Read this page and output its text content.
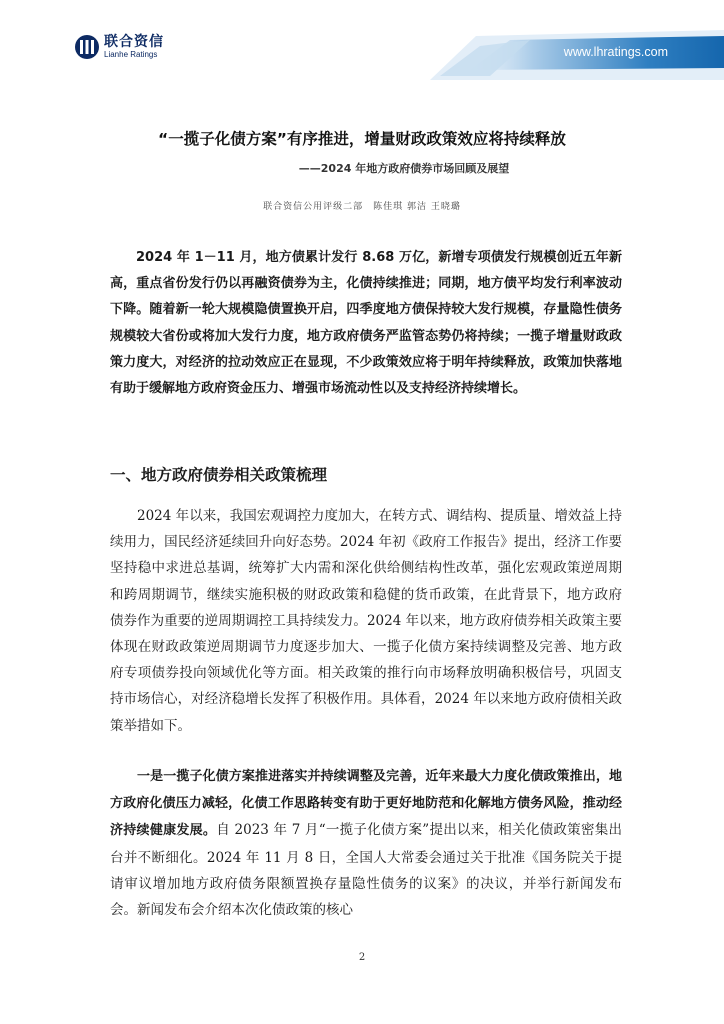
联合资信
Lianhe Ratings	www.lhratings.com
“一揽子化债方案”有序推进，增量财政政策效应将持续释放
——2024 年地方政府债券市场回顾及展望
联合资信公用评级二部　陈佳琪 郭洁 王晓璐

2024 年 1－11 月，地方债累计发行 8.68 万亿，新增专项债发行规模创近五年新高，重点省份发行仍以再融资债券为主，化债持续推进；同期，地方债平均发行利率波动下降。随着新一轮大规模隐债置换开启，四季度地方债保持较大发行规模，存量隐性债务规模较大省份或将加大发行力度，地方政府债务严监管态势仍将持续；一揽子增量财政政策力度大，对经济的拉动效应正在显现，不少政策效应将于明年持续释放，政策加快落地有助于缓解地方政府资金压力、增强市场流动性以及支持经济持续增长。

一、地方政府债券相关政策梳理

2024 年以来，我国宏观调控力度加大，在转方式、调结构、提质量、增效益上持续用力，国民经济延续回升向好态势。2024 年初《政府工作报告》提出，经济工作要坚持稳中求进总基调，统筹扩大内需和深化供给侧结构性改革，强化宏观政策逆周期和跨周期调节，继续实施积极的财政政策和稳健的货币政策，在此背景下，地方政府债券作为重要的逆周期调控工具持续发力。2024 年以来，地方政府债券相关政策主要体现在财政政策逆周期调节力度逐步加大、一揽子化债方案持续调整及完善、地方政府专项债券投向领域优化等方面。相关政策的推行向市场释放明确积极信号，巩固支持市场信心，对经济稳增长发挥了积极作用。具体看，2024 年以来地方政府债相关政策举措如下。

一是一揽子化债方案推进落实并持续调整及完善，近年来最大力度化债政策推出，地方政府化债压力减轻，化债工作思路转变有助于更好地防范和化解地方债务风险，推动经济持续健康发展。自 2023 年 7 月“一揽子化债方案”提出以来，相关化债政策密集出台并不断细化。2024 年 11 月 8 日，全国人大常委会通过关于批准《国务院关于提请审议增加地方政府债务限额置换存量隐性债务的议案》的决议，并举行新闻发布会。新闻发布会介绍本次化债政策的核心

2
